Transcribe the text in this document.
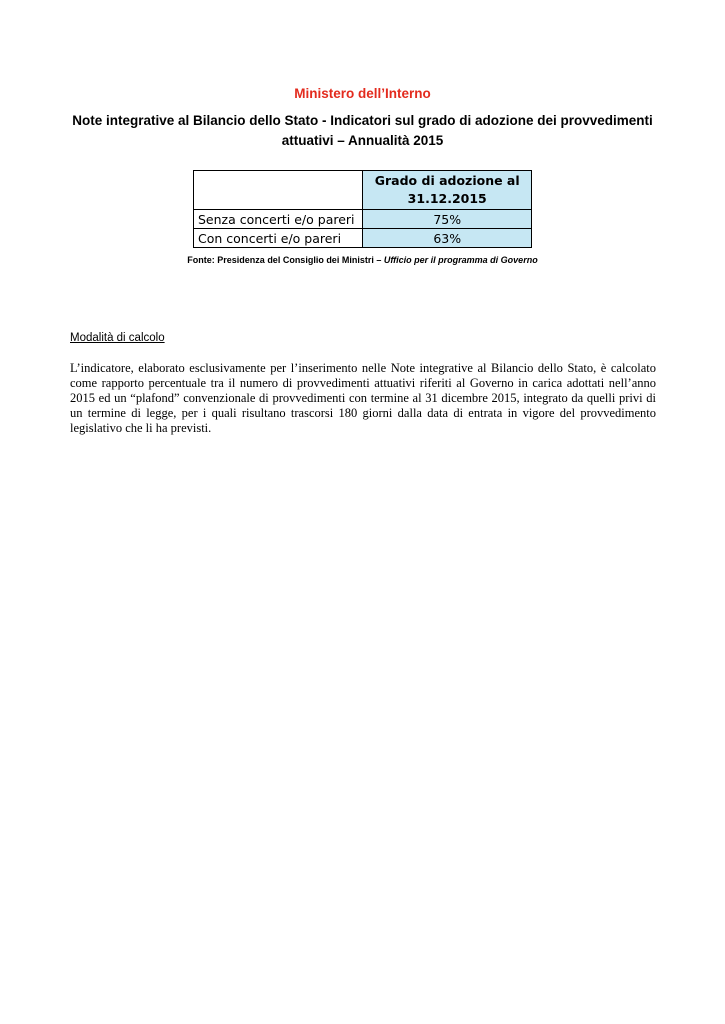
Ministero dell’Interno
Note integrative al Bilancio dello Stato - Indicatori sul grado di adozione dei provvedimenti attuativi – Annualità 2015
	Grado di adozione al 31.12.2015
Senza concerti e/o pareri	75%
Con concerti e/o pareri	63%
Fonte: Presidenza del Consiglio dei Ministri – Ufficio per il programma di Governo
Modalità di calcolo
L’indicatore, elaborato esclusivamente per l’inserimento nelle Note integrative al Bilancio dello Stato, è calcolato come rapporto percentuale tra il numero di provvedimenti attuativi riferiti al Governo in carica adottati nell’anno 2015 ed un “plafond” convenzionale di provvedimenti con termine al 31 dicembre 2015, integrato da quelli privi di un termine di legge, per i quali risultano trascorsi 180 giorni dalla data di entrata in vigore del provvedimento legislativo che li ha previsti.
